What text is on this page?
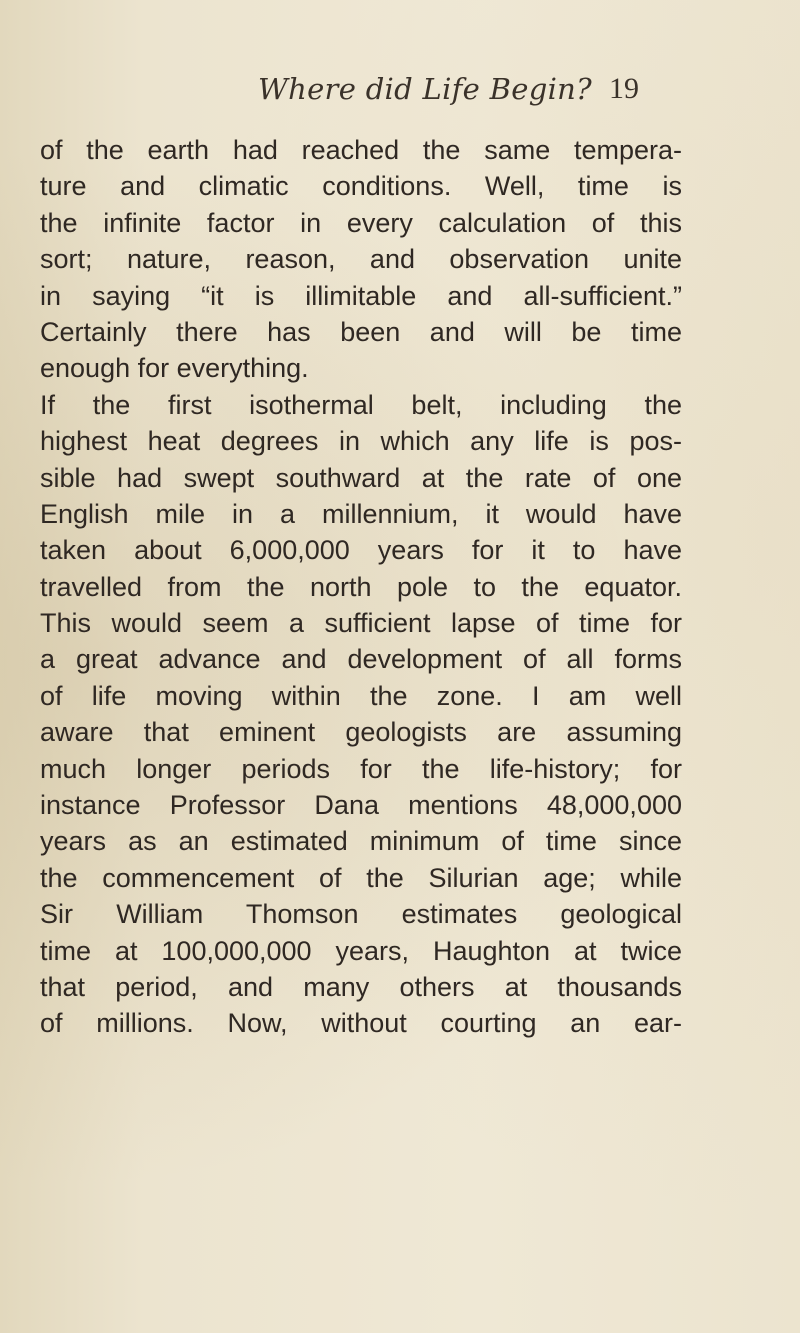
Where did Life Begin? 19
of the earth had reached the same tempera-
ture and climatic conditions. Well, time is
the infinite factor in every calculation of this
sort; nature, reason, and observation unite
in saying “it is illimitable and all-sufficient.”
Certainly there has been and will be time
enough for everything.
If the first isothermal belt, including the
highest heat degrees in which any life is pos-
sible had swept southward at the rate of one
English mile in a millennium, it would have
taken about 6,000,000 years for it to have
travelled from the north pole to the equator.
This would seem a sufficient lapse of time for
a great advance and development of all forms
of life moving within the zone. I am well
aware that eminent geologists are assuming
much longer periods for the life-history; for
instance Professor Dana mentions 48,000,000
years as an estimated minimum of time since
the commencement of the Silurian age; while
Sir William Thomson estimates geological
time at 100,000,000 years, Haughton at twice
that period, and many others at thousands
of millions. Now, without courting an ear-
